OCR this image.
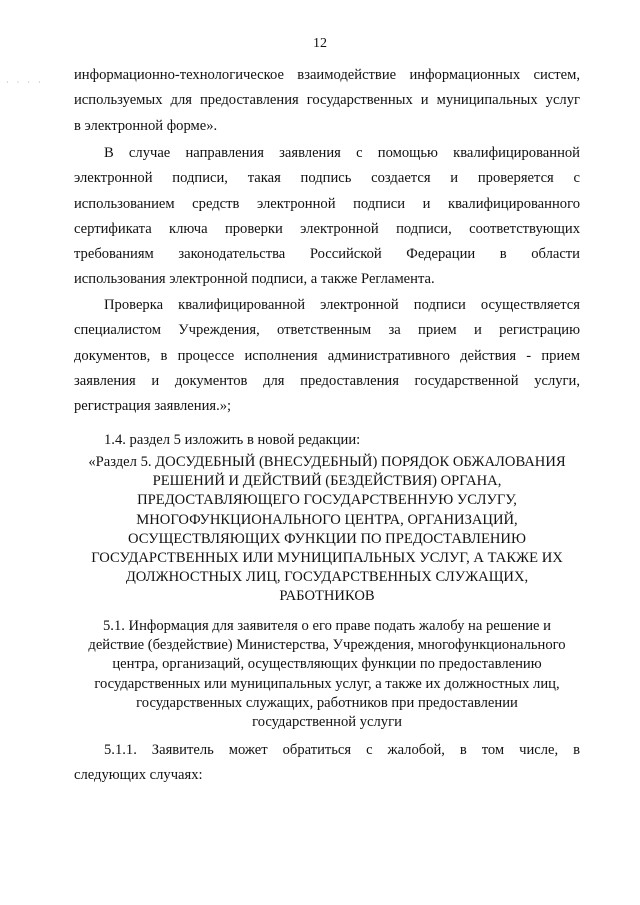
12
· · · · информационно-технологическое взаимодействие информационных систем,
используемых для предоставления государственных и муниципальных услуг
в электронной форме».
В случае направления заявления с помощью квалифицированной
электронной подписи, такая подпись создается и проверяется с
использованием средств электронной подписи и квалифицированного
сертификата ключа проверки электронной подписи, соответствующих
требованиям законодательства Российской Федерации в области
использования электронной подписи, а также Регламента.
Проверка квалифицированной электронной подписи осуществляется
специалистом Учреждения, ответственным за прием и регистрацию
документов, в процессе исполнения административного действия - прием
заявления и документов для предоставления государственной услуги,
регистрация заявления.»;
1.4. раздел 5 изложить в новой редакции:
«Раздел 5. ДОСУДЕБНЫЙ (ВНЕСУДЕБНЫЙ) ПОРЯДОК ОБЖАЛОВАНИЯ
РЕШЕНИЙ И ДЕЙСТВИЙ (БЕЗДЕЙСТВИЯ) ОРГАНА,
ПРЕДОСТАВЛЯЮЩЕГО ГОСУДАРСТВЕННУЮ УСЛУГУ,
МНОГОФУНКЦИОНАЛЬНОГО ЦЕНТРА, ОРГАНИЗАЦИЙ,
ОСУЩЕСТВЛЯЮЩИХ ФУНКЦИИ ПО ПРЕДОСТАВЛЕНИЮ
ГОСУДАРСТВЕННЫХ ИЛИ МУНИЦИПАЛЬНЫХ УСЛУГ, А ТАКЖЕ ИХ
ДОЛЖНОСТНЫХ ЛИЦ, ГОСУДАРСТВЕННЫХ СЛУЖАЩИХ,
РАБОТНИКОВ
5.1. Информация для заявителя о его праве подать жалобу на решение и
действие (бездействие) Министерства, Учреждения, многофункционального
центра, организаций, осуществляющих функции по предоставлению
государственных или муниципальных услуг, а также их должностных лиц,
государственных служащих, работников при предоставлении
государственной услуги
5.1.1. Заявитель может обратиться с жалобой, в том числе, в
следующих случаях:
